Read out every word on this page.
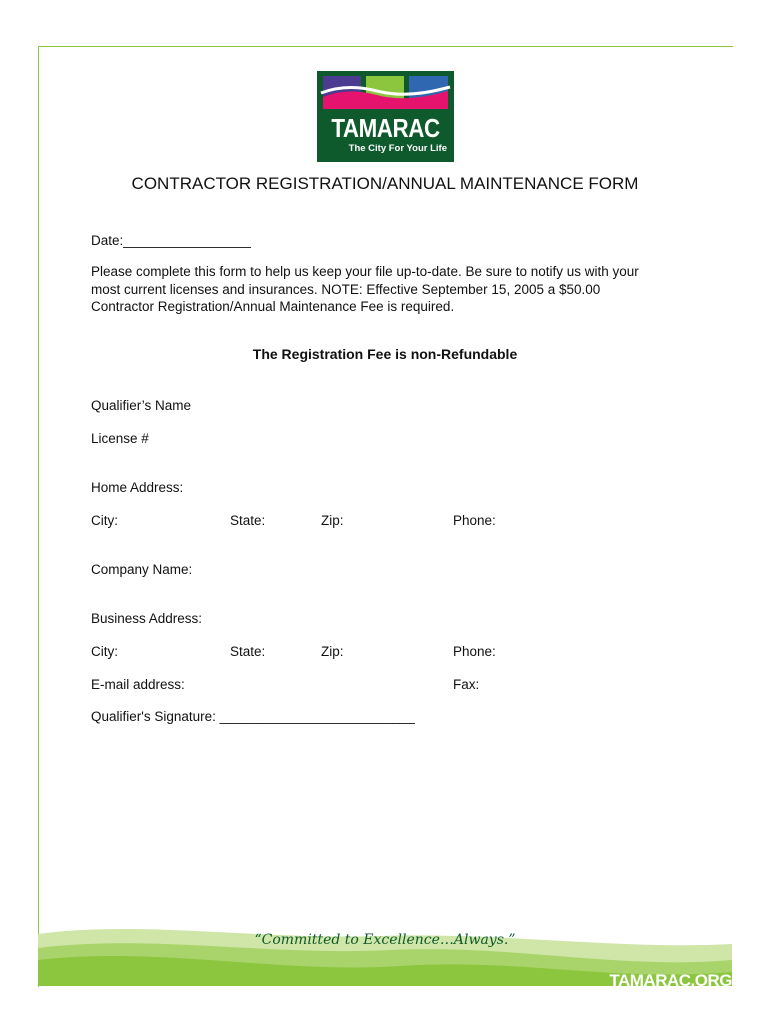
TAMARAC
The City For Your Life
CONTRACTOR REGISTRATION/ANNUAL MAINTENANCE FORM
Date:_________________
Please complete this form to help us keep your file up-to-date. Be sure to notify us with your
most current licenses and insurances. NOTE: Effective September 15, 2005 a $50.00
Contractor Registration/Annual Maintenance Fee is required.
The Registration Fee is non-Refundable
Qualifier’s Name
License #
Home Address:
City:	State:	Zip:	Phone:
Company Name:
Business Address:
City:	State:	Zip:	Phone:
E-mail address:	Fax:
Qualifier's Signature: __________________________
“Committed to Excellence…Always.”
TAMARAC.ORG
